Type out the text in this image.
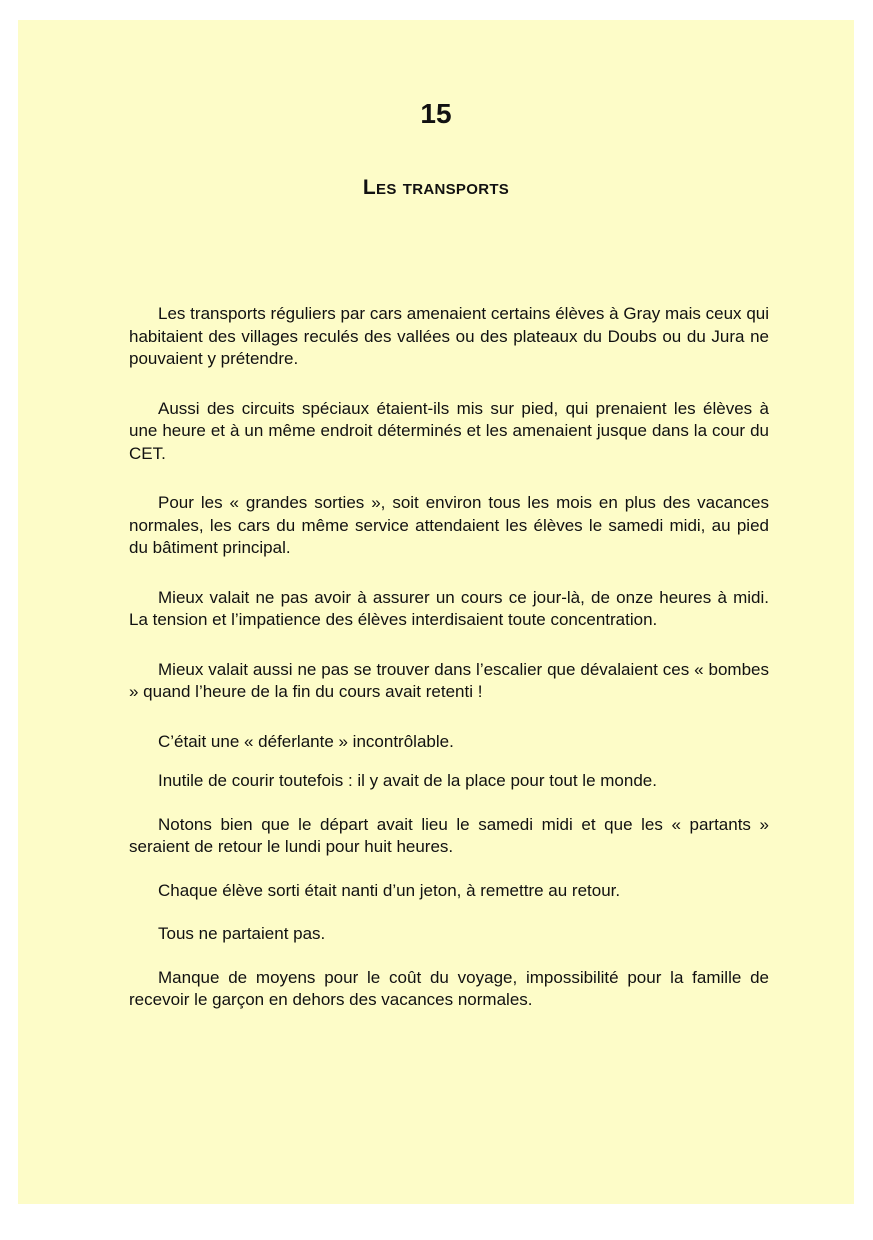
15
Les transports

Les transports réguliers par cars amenaient certains élèves à Gray mais ceux qui habitaient des villages reculés des vallées ou des plateaux du Doubs ou du Jura ne pouvaient y prétendre.

Aussi des circuits spéciaux étaient-ils mis sur pied, qui prenaient les élèves à une heure et à un même endroit déterminés et les amenaient jusque dans la cour du CET.

Pour les « grandes sorties », soit environ tous les mois en plus des vacances normales, les cars du même service attendaient les élèves le samedi midi, au pied du bâtiment principal.

Mieux valait ne pas avoir à assurer un cours ce jour-là, de onze heures à midi. La tension et l’impatience des élèves interdisaient toute concentration.

Mieux valait aussi ne pas se trouver dans l’escalier que dévalaient ces « bombes » quand l’heure de la fin du cours avait retenti !

C’était une « déferlante » incontrôlable.

Inutile de courir toutefois : il y avait de la place pour tout le monde.

Notons bien que le départ avait lieu le samedi midi et que les « partants » seraient de retour le lundi pour huit heures.

Chaque élève sorti était nanti d’un jeton, à remettre au retour.

Tous ne partaient pas.

Manque de moyens pour le coût du voyage, impossibilité pour la famille de recevoir le garçon en dehors des vacances normales.
